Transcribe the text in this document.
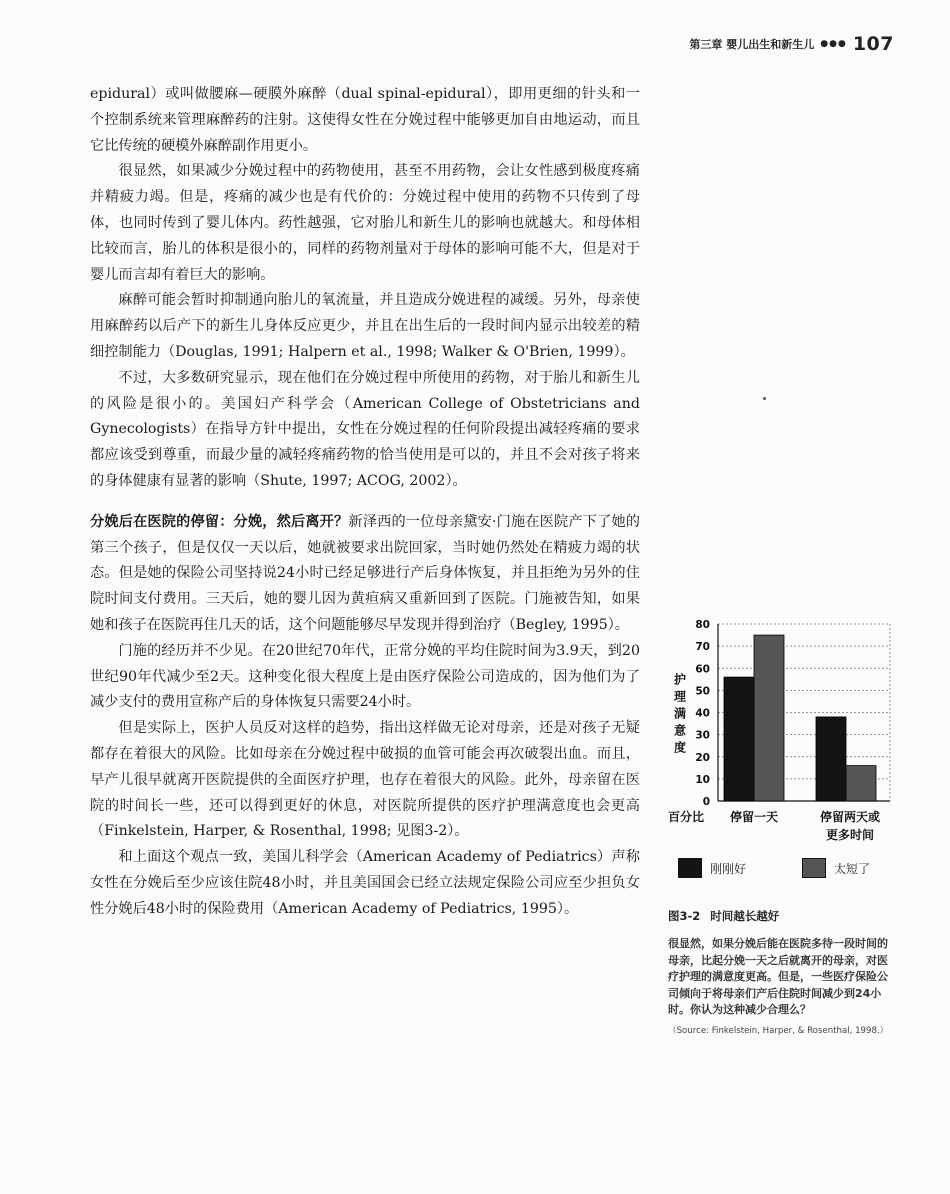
第三章 婴儿出生和新生儿 ●●● 107

epidural）或叫做腰麻—硬膜外麻醉（dual spinal-epidural），即用更细的针头和一个控制系统来管理麻醉药的注射。这使得女性在分娩过程中能够更加自由地运动，而且它比传统的硬模外麻醉副作用更小。

很显然，如果减少分娩过程中的药物使用，甚至不用药物，会让女性感到极度疼痛并精疲力竭。但是，疼痛的减少也是有代价的：分娩过程中使用的药物不只传到了母体，也同时传到了婴儿体内。药性越强，它对胎儿和新生儿的影响也就越大。和母体相比较而言，胎儿的体积是很小的，同样的药物剂量对于母体的影响可能不大，但是对于婴儿而言却有着巨大的影响。

麻醉可能会暂时抑制通向胎儿的氧流量，并且造成分娩进程的减缓。另外，母亲使用麻醉药以后产下的新生儿身体反应更少，并且在出生后的一段时间内显示出较差的精细控制能力（Douglas, 1991; Halpern et al., 1998; Walker & O'Brien, 1999）。

不过，大多数研究显示，现在他们在分娩过程中所使用的药物，对于胎儿和新生儿的风险是很小的。美国妇产科学会（American College of Obstetricians and Gynecologists）在指导方针中提出，女性在分娩过程的任何阶段提出减轻疼痛的要求都应该受到尊重，而最少量的减轻疼痛药物的恰当使用是可以的，并且不会对孩子将来的身体健康有显著的影响（Shute, 1997; ACOG, 2002）。

分娩后在医院的停留：分娩，然后离开？新泽西的一位母亲黛安·门施在医院产下了她的第三个孩子，但是仅仅一天以后，她就被要求出院回家，当时她仍然处在精疲力竭的状态。但是她的保险公司坚持说24小时已经足够进行产后身体恢复，并且拒绝为另外的住院时间支付费用。三天后，她的婴儿因为黄疸病又重新回到了医院。门施被告知，如果她和孩子在医院再住几天的话，这个问题能够尽早发现并得到治疗（Begley, 1995）。

门施的经历并不少见。在20世纪70年代，正常分娩的平均住院时间为3.9天，到20世纪90年代减少至2天。这种变化很大程度上是由医疗保险公司造成的，因为他们为了减少支付的费用宣称产后的身体恢复只需要24小时。

但是实际上，医护人员反对这样的趋势，指出这样做无论对母亲，还是对孩子无疑都存在着很大的风险。比如母亲在分娩过程中破损的血管可能会再次破裂出血。而且，早产儿很早就离开医院提供的全面医疗护理，也存在着很大的风险。此外，母亲留在医院的时间长一些，还可以得到更好的休息，对医院所提供的医疗护理满意度也会更高（Finkelstein, Harper, & Rosenthal, 1998; 见图3-2）。

和上面这个观点一致，美国儿科学会（American Academy of Pediatrics）声称女性在分娩后至少应该住院48小时，并且美国国会已经立法规定保险公司应至少担负女性分娩后48小时的保险费用（American Academy of Pediatrics, 1995）。

0
10
20
30
40
50
60
70
80
护
理
满
意
度
百分比 停留一天	停留两天或
更多时间
刚刚好	太短了
图3-2 时间越长越好
很显然，如果分娩后能在医院多待一段时间的母亲，比起分娩一天之后就离开的母亲，对医疗护理的满意度更高。但是，一些医疗保险公司倾向于将母亲们产后住院时间减少到24小时。你认为这种减少合理么？
（Source: Finkelstein, Harper, & Rosenthal, 1998.）
